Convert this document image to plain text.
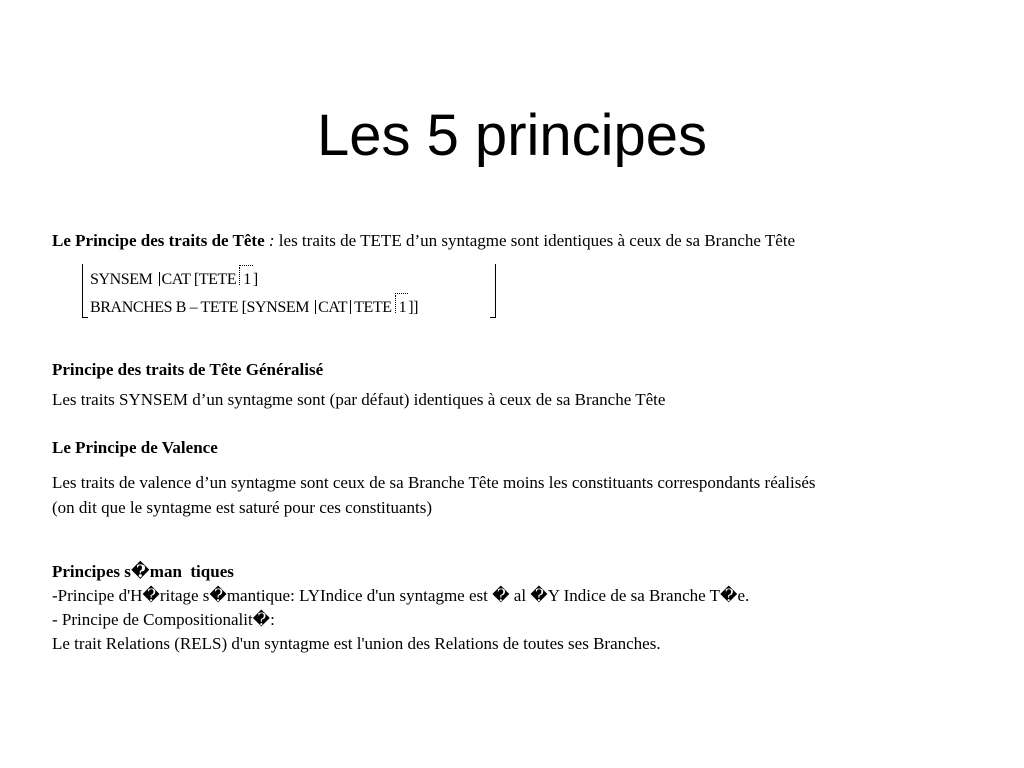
Les 5 principes
Le Principe des traits de Tête : les traits de TETE d’un syntagme sont identiques à ceux de sa Branche Tête
SYNSEM CAT [TETE 1 ]
BRANCHES B – TETE [SYNSEM CAT TETE 1 ]]
Principe des traits de Tête Généralisé
Les traits SYNSEM d’un syntagme sont (par défaut) identiques à ceux de sa Branche Tête
Le Principe de Valence
Les traits de valence d’un syntagme sont ceux de sa Branche Tête moins les constituants correspondants réalisés
(on dit que le syntagme est saturé pour ces constituants)
Principes s�man  tiques
-Principe d'H�ritage s�mantique: LYIndice d'un syntagme est � al �Y Indice de sa Branche T�e.
- Principe de Compositionalit�:
Le trait Relations (RELS) d'un syntagme est l'union des Relations de toutes ses Branches.
